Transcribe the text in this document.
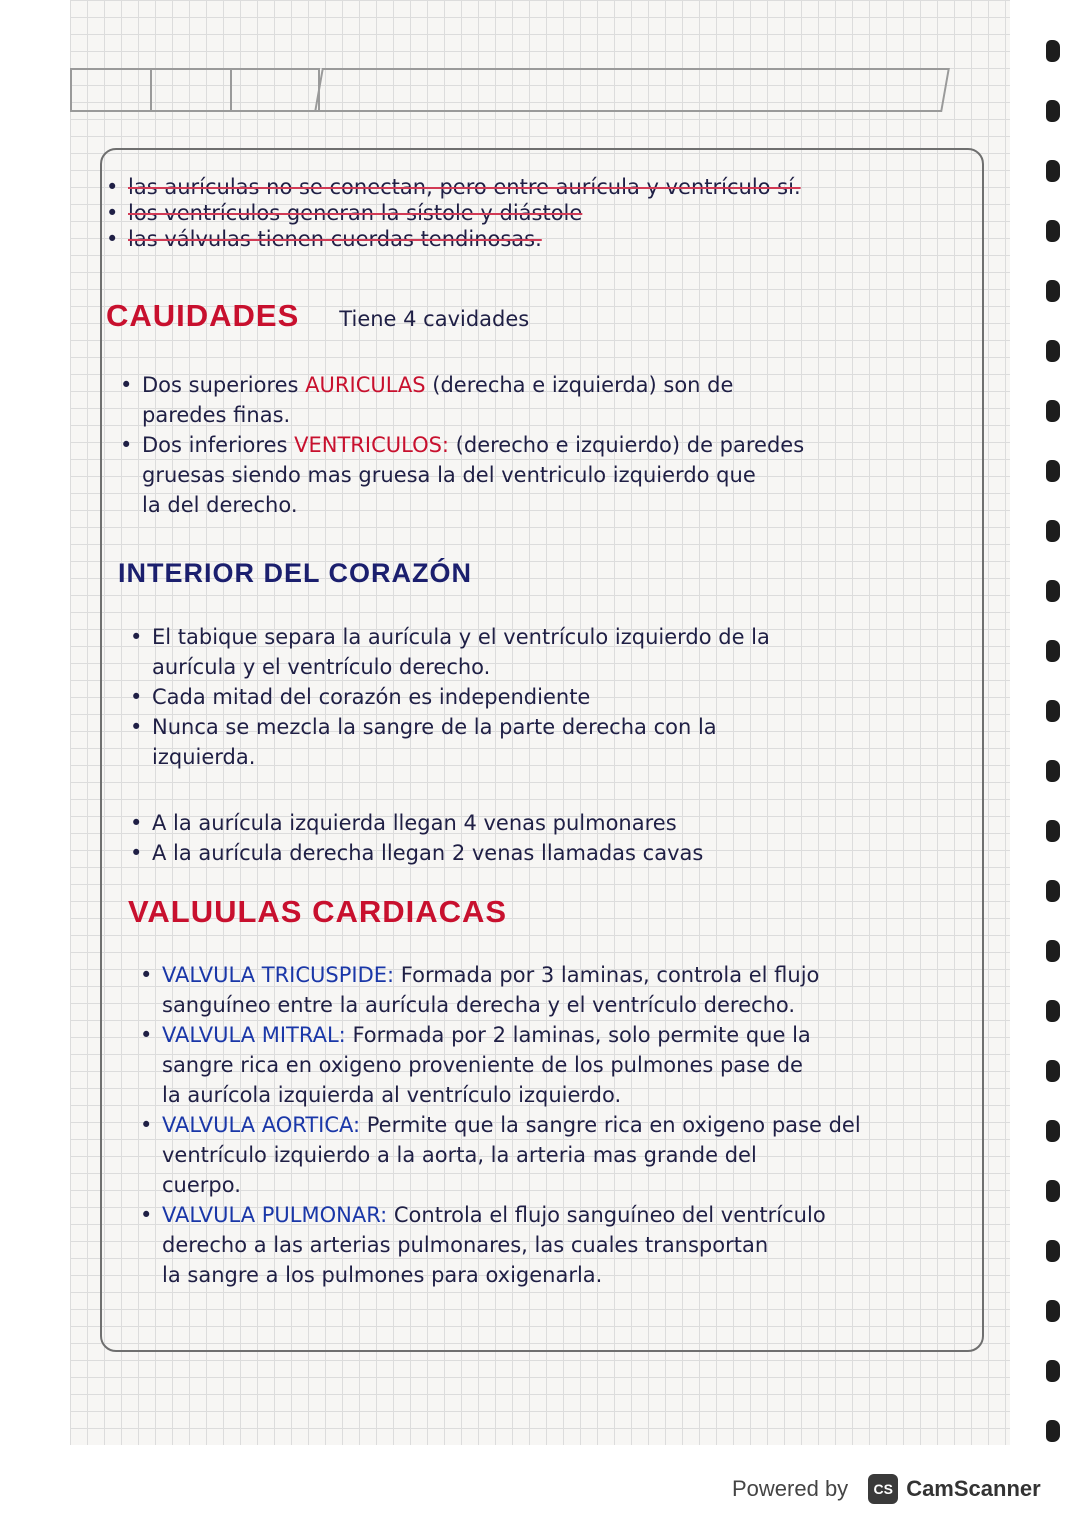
• las aurículas no se conectan, pero entre aurícula y ventrículo sí.
• los ventrículos generan la sístole y diástole
• las válvulas tienen cuerdas tendinosas.
CAUIDADES Tiene 4 cavidades
• Dos superiores AURICULAS (derecha e izquierda) son de
paredes finas.
• Dos inferiores VENTRICULOS: (derecho e izquierdo) de paredes
gruesas siendo mas gruesa la del ventriculo izquierdo que
la del derecho.
INTERIOR DEL CORAZÓN
• El tabique separa la aurícula y el ventrículo izquierdo de la
aurícula y el ventrículo derecho.
• Cada mitad del corazón es independiente
• Nunca se mezcla la sangre de la parte derecha con la
izquierda.
• A la aurícula izquierda llegan 4 venas pulmonares
• A la aurícula derecha llegan 2 venas llamadas cavas
VALUULAS CARDIACAS
• VALVULA TRICUSPIDE: Formada por 3 laminas, controla el flujo
sanguíneo entre la aurícula derecha y el ventrículo derecho.
• VALVULA MITRAL: Formada por 2 laminas, solo permite que la
sangre rica en oxigeno proveniente de los pulmones pase de
la aurícola izquierda al ventrículo izquierdo.
• VALVULA AORTICA: Permite que la sangre rica en oxigeno pase del
ventrículo izquierdo a la aorta, la arteria mas grande del
cuerpo.
• VALVULA PULMONAR: Controla el flujo sanguíneo del ventrículo
derecho a las arterias pulmonares, las cuales transportan
la sangre a los pulmones para oxigenarla.
Powered by	CS CamScanner
